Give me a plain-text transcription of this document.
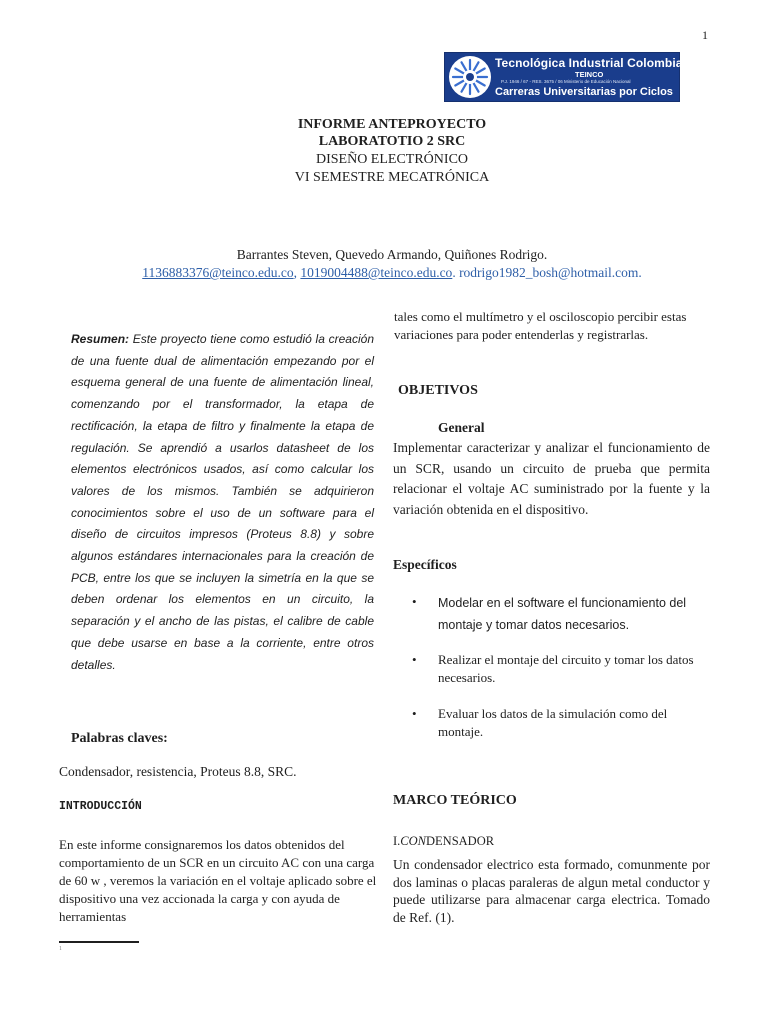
1
Tecnológica Industrial Colombiana
TEINCO
P.J. 1946 / 67 - RES. 3675 / 06 Ministerio de Educación Nacional
Carreras Universitarias por Ciclos
INFORME ANTEPROYECTO
LABORATOTIO 2 SRC
DISEÑO ELECTRÓNICO
VI SEMESTRE MECATRÓNICA
Barrantes Steven, Quevedo Armando, Quiñones Rodrigo.
1136883376@teinco.edu.co, 1019004488@teinco.edu.co. rodrigo1982_bosh@hotmail.com.
Resumen: Este proyecto tiene como estudió la creación de una fuente dual de alimentación empezando por el esquema general de una fuente de alimentación lineal, comenzando por el transformador, la etapa de rectificación, la etapa de filtro y finalmente la etapa de regulación. Se aprendió a usarlos datasheet de los elementos electrónicos usados, así como calcular los valores de los mismos. También se adquirieron conocimientos sobre el uso de un software para el diseño de circuitos impresos (Proteus 8.8) y sobre algunos estándares internacionales para la creación de PCB, entre los que se incluyen la simetría en la que se deben ordenar los elementos en un circuito, la separación y el ancho de las pistas, el calibre de cable que debe usarse en base a la corriente, entre otros detalles.
Palabras claves:
Condensador, resistencia, Proteus 8.8, SRC.
INTRODUCCIÓN
En este informe consignaremos los datos obtenidos del comportamiento de un SCR en un circuito AC con una carga de 60 w , veremos la variación en el voltaje aplicado sobre el dispositivo una vez accionada la carga y con ayuda de herramientas
1
tales como el multímetro y el osciloscopio percibir estas variaciones para poder entenderlas y registrarlas.
OBJETIVOS
General
Implementar caracterizar y analizar el funcionamiento de un SCR, usando un circuito de prueba que permita relacionar el voltaje AC suministrado por la fuente y la variación obtenida en el dispositivo.
Específicos
• Modelar en el software el funcionamiento del montaje y tomar datos necesarios.
• Realizar el montaje del circuito y tomar los datos necesarios.
• Evaluar los datos de la simulación como del montaje.
MARCO TEÓRICO
I.CONDENSADOR
Un condensador electrico esta formado, comunmente por dos laminas o placas paraleras de algun metal conductor y puede utilizarse para almacenar carga electrica. Tomado de Ref. (1).
